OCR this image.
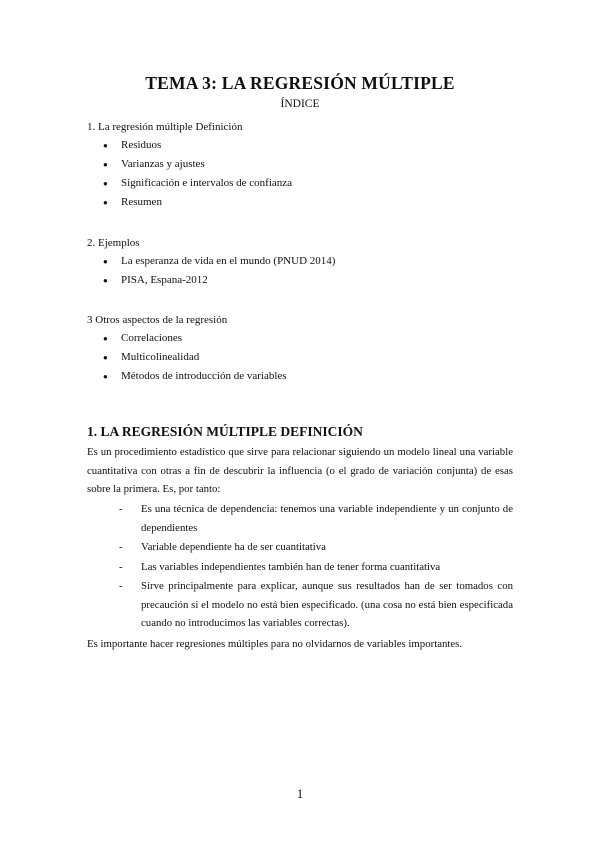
TEMA 3: LA REGRESIÓN MÚLTIPLE
ÍNDICE
1. La regresión múltiple Definición
● Residuos
● Varianzas y ajustes
● Significación e intervalos de confianza
● Resumen
2. Ejemplos
● La esperanza de vida en el mundo (PNUD 2014)
● PISA, Espana-2012
3 Otros aspectos de la regresión
● Correlaciones
● Multicolinealidad
● Métodos de introducción de variables
1. LA REGRESIÓN MÚLTIPLE DEFINICIÓN
Es un procedimiento estadístico que sirve para relacionar siguiendo un modelo lineal una variable cuantitativa con otras a fin de descubrir la influencia (o el grado de variación conjunta) de esas sobre la primera. Es, por tanto:
- Es una técnica de dependencia: tenemos una variable independiente y un conjunto de dependientes
- Variable dependiente ha de ser cuantitativa
- Las variables independientes también han de tener forma cuantitativa
- Sirve principalmente para explicar, aunque sus resultados han de ser tomados con precaución si el modelo no está bien especificado. (una cosa no está bien especificada cuando no introducimos las variables correctas).
Es importante hacer regresiones múltiples para no olvidarnos de variables importantes.
1
